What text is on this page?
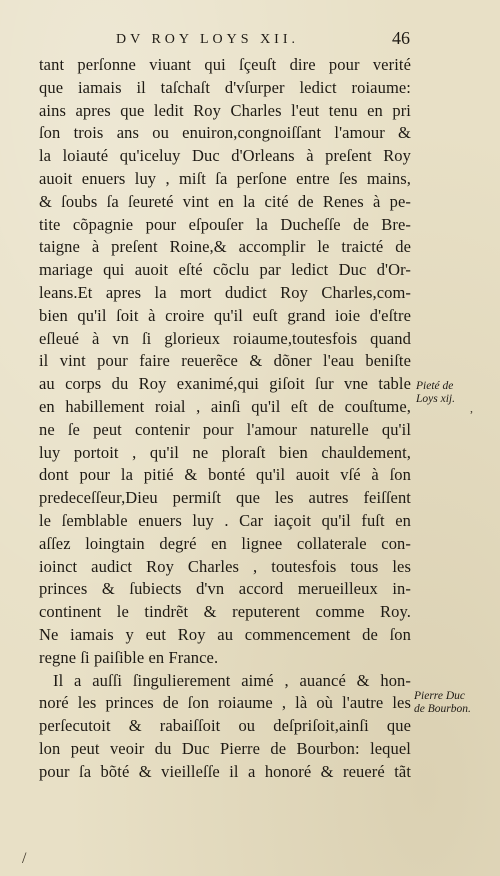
DV ROY LOYS XII.	46
tant perſonne viuant qui ſçeuſt dire pour verité
que iamais il taſchaſt d'vſurper ledict roiaume:
ains apres que ledit Roy Charles l'eut tenu en pri
ſon trois ans ou enuiron,congnoiſſant l'amour &
la loiauté qu'iceluy Duc d'Orleans à preſent Roy
auoit enuers luy , miſt ſa perſone entre ſes mains,
& ſoubs ſa ſeureté vint en la cité de Renes à pe-
tite cõpagnie pour eſpouſer la Ducheſſe de Bre-
taigne à preſent Roine,& accomplir le traicté de
mariage qui auoit eſté cõclu par ledict Duc d'Or-
leans.Et apres la mort dudict Roy Charles,com-
bien qu'il ſoit à croire qu'il euſt grand ioie d'eſtre
eſleué à vn ſi glorieux roiaume,toutesfois quand
il vint pour faire reuerẽce & dõner l'eau beniſte
au corps du Roy exanimé,qui giſoit ſur vne table
en habillement roial , ainſi qu'il eſt de couſtume,
ne ſe peut contenir pour l'amour naturelle qu'il
luy portoit , qu'il ne ploraſt bien chauldement,
dont pour la pitié & bonté qu'il auoit vſé à ſon
predeceſſeur,Dieu permiſt que les autres feiſſent
le ſemblable enuers luy . Car iaçoit qu'il fuſt en
aſſez loingtain degré en lignee collaterale con-
ioinct audict Roy Charles , toutesfois tous les
princes & ſubiects d'vn accord merueilleux in-
continent le tindrẽt & reputerent comme Roy.
Ne iamais y eut Roy au commencement de ſon
regne ſi paiſible en France.
Il a auſſi ſingulierement aimé , auancé & hon-
noré les princes de ſon roiaume , là où l'autre les
perſecutoit & rabaiſſoit ou deſpriſoit,ainſi que
lon peut veoir du Duc Pierre de Bourbon: lequel
pour ſa bõté & vieilleſſe il a honoré & reueré tãt
Pieté de
Loys xij.
Pierre Duc
de Bourbon.
,
/
